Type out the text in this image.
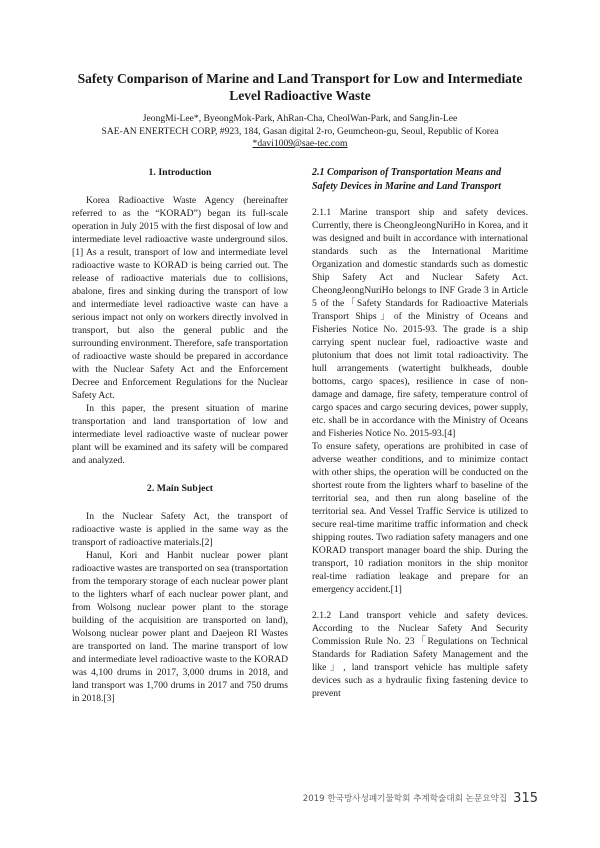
Safety Comparison of Marine and Land Transport for Low and Intermediate
Level Radioactive Waste
JeongMi-Lee*, ByeongMok-Park, AhRan-Cha, CheolWan-Park, and SangJin-Lee
SAE-AN ENERTECH CORP, #923, 184, Gasan digital 2-ro, Geumcheon-gu, Seoul, Republic of Korea
*davi1009@sae-tec.com
1. Introduction

Korea Radioactive Waste Agency (hereinafter referred to as the “KORAD”) began its full-scale operation in July 2015 with the first disposal of low and intermediate level radioactive waste underground silos.[1] As a result, transport of low and intermediate level radioactive waste to KORAD is being carried out. The release of radioactive materials due to collisions, abalone, fires and sinking during the transport of low and intermediate level radioactive waste can have a serious impact not only on workers directly involved in transport, but also the general public and the surrounding environment. Therefore, safe transportation of radioactive waste should be prepared in accordance with the Nuclear Safety Act and the Enforcement Decree and Enforcement Regulations for the Nuclear Safety Act.

In this paper, the present situation of marine transportation and land transportation of low and intermediate level radioactive waste of nuclear power plant will be examined and its safety will be compared and analyzed.

2. Main Subject

In the Nuclear Safety Act, the transport of radioactive waste is applied in the same way as the transport of radioactive materials.[2]

Hanul, Kori and Hanbit nuclear power plant radioactive wastes are transported on sea (transportation from the temporary storage of each nuclear power plant to the lighters wharf of each nuclear power plant, and from Wolsong nuclear power plant to the storage building of the acquisition are transported on land), Wolsong nuclear power plant and Daejeon RI Wastes are transported on land. The marine transport of low and intermediate level radioactive waste to the KORAD was 4,100 drums in 2017, 3,000 drums in 2018, and land transport was 1,700 drums in 2017 and 750 drums in 2018.[3]

2.1 Comparison of Transportation Means and Safety Devices in Marine and Land Transport

2.1.1 Marine transport ship and safety devices. Currently, there is CheongJeongNuriHo in Korea, and it was designed and built in accordance with international standards such as the International Maritime Organization and domestic standards such as domestic Ship Safety Act and Nuclear Safety Act. CheongJeongNuriHo belongs to INF Grade 3 in Article 5 of the「Safety Standards for Radioactive Materials Transport Ships」of the Ministry of Oceans and Fisheries Notice No. 2015-93. The grade is a ship carrying spent nuclear fuel, radioactive waste and plutonium that does not limit total radioactivity. The hull arrangements (watertight bulkheads, double bottoms, cargo spaces), resilience in case of non-damage and damage, fire safety, temperature control of cargo spaces and cargo securing devices, power supply, etc. shall be in accordance with the Ministry of Oceans and Fisheries Notice No. 2015-93.[4]

To ensure safety, operations are prohibited in case of adverse weather conditions, and to minimize contact with other ships, the operation will be conducted on the shortest route from the lighters wharf to baseline of the territorial sea, and then run along baseline of the territorial sea. And Vessel Traffic Service is utilized to secure real-time maritime traffic information and check shipping routes. Two radiation safety managers and one KORAD transport manager board the ship. During the transport, 10 radiation monitors in the ship monitor real-time radiation leakage and prepare for an emergency accident.[1]

2.1.2 Land transport vehicle and safety devices. According to the Nuclear Safety And Security Commission Rule No. 23「Regulations on Technical Standards for Radiation Safety Management and the like」, land transport vehicle has multiple safety devices such as a hydraulic fixing fastening device to prevent

2019 한국방사성폐기물학회 추계학술대회 논문요약집 315
